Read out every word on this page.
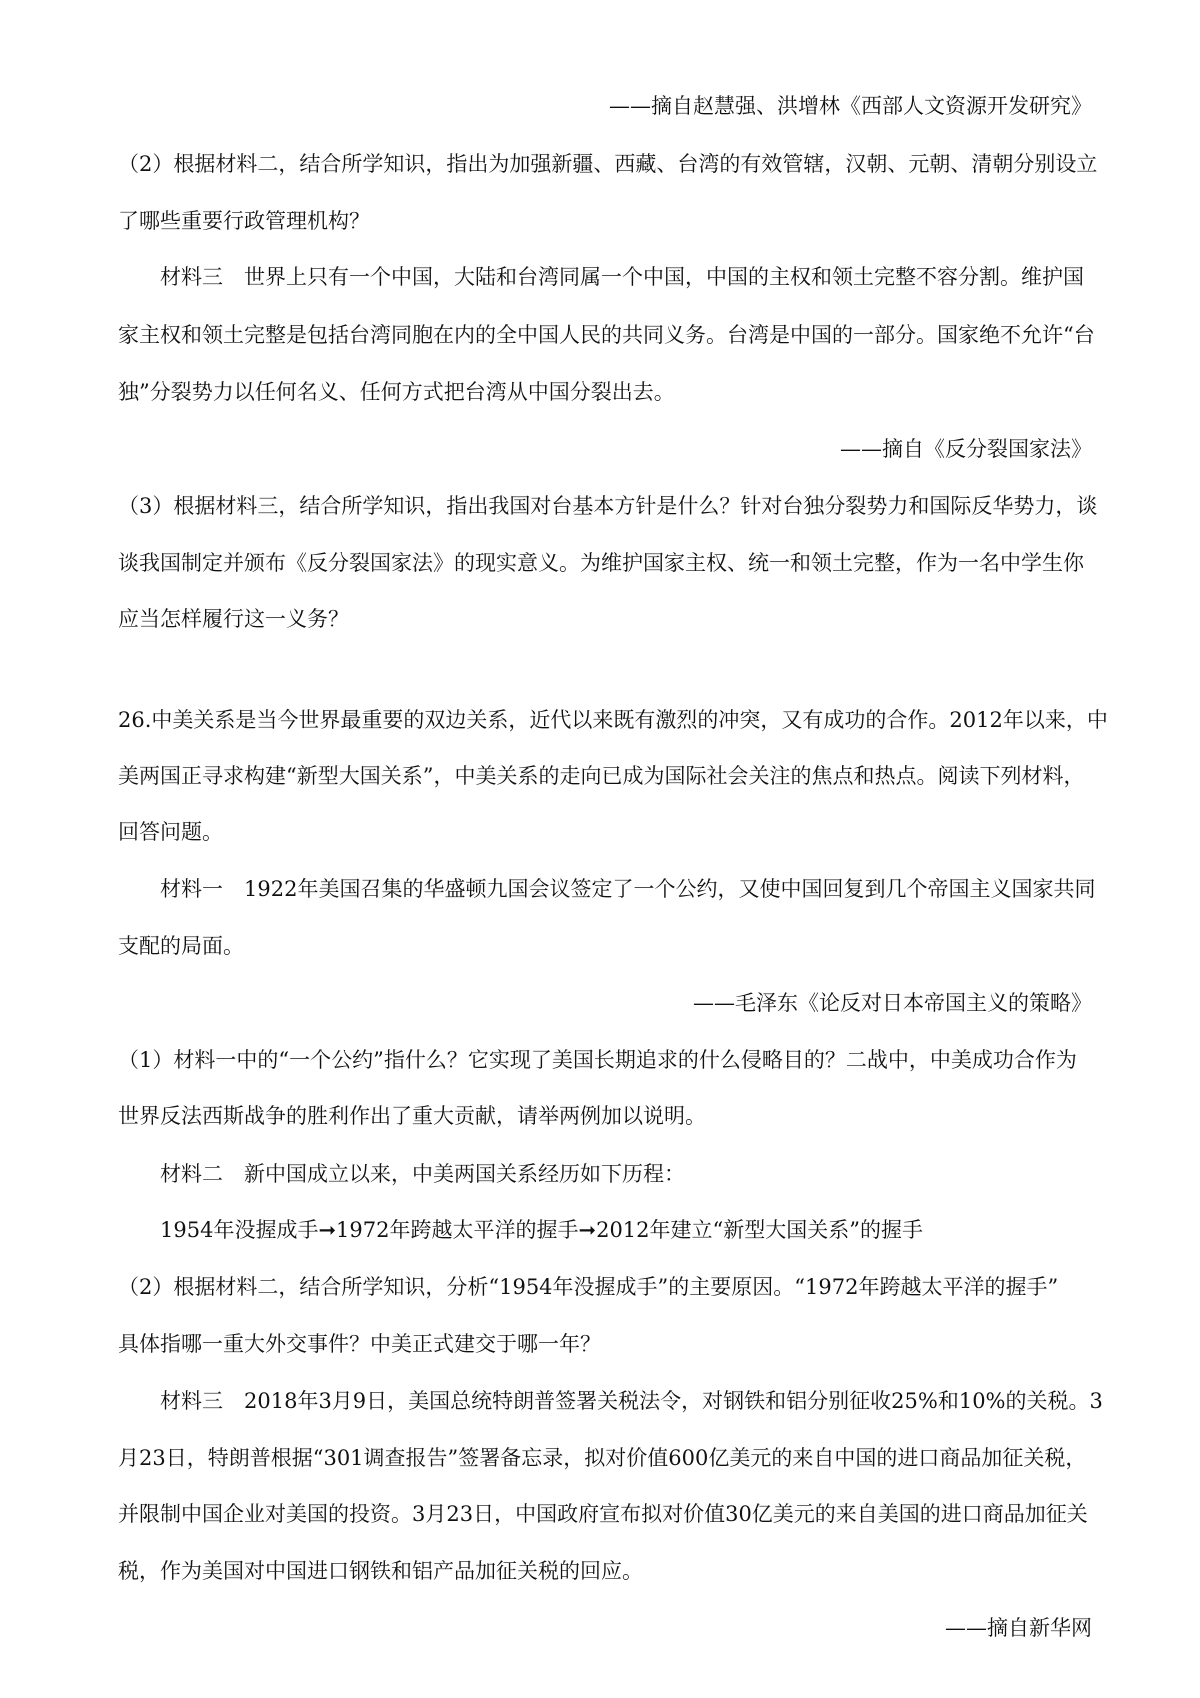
——摘自赵慧强、洪增林《西部人文资源开发研究》
（2）根据材料二，结合所学知识，指出为加强新疆、西藏、台湾的有效管辖，汉朝、元朝、清朝分别设立
了哪些重要行政管理机构？
材料三　世界上只有一个中国，大陆和台湾同属一个中国，中国的主权和领土完整不容分割。维护国
家主权和领土完整是包括台湾同胞在内的全中国人民的共同义务。台湾是中国的一部分。国家绝不允许“台
独”分裂势力以任何名义、任何方式把台湾从中国分裂出去。
——摘自《反分裂国家法》
（3）根据材料三，结合所学知识，指出我国对台基本方针是什么？针对台独分裂势力和国际反华势力，谈
谈我国制定并颁布《反分裂国家法》的现实意义。为维护国家主权、统一和领土完整，作为一名中学生你
应当怎样履行这一义务？
26.中美关系是当今世界最重要的双边关系，近代以来既有激烈的冲突，又有成功的合作。2012年以来，中
美两国正寻求构建“新型大国关系”，中美关系的走向已成为国际社会关注的焦点和热点。阅读下列材料，
回答问题。
材料一　1922年美国召集的华盛顿九国会议签定了一个公约，又使中国回复到几个帝国主义国家共同
支配的局面。
——毛泽东《论反对日本帝国主义的策略》
（1）材料一中的“一个公约”指什么？它实现了美国长期追求的什么侵略目的？二战中，中美成功合作为
世界反法西斯战争的胜利作出了重大贡献，请举两例加以说明。
材料二　新中国成立以来，中美两国关系经历如下历程：
1954年没握成手➞1972年跨越太平洋的握手➞2012年建立“新型大国关系”的握手
（2）根据材料二，结合所学知识，分析“1954年没握成手”的主要原因。“1972年跨越太平洋的握手”
具体指哪一重大外交事件？中美正式建交于哪一年？
材料三　2018年3月9日，美国总统特朗普签署关税法令，对钢铁和铝分别征收25%和10%的关税。3
月23日，特朗普根据“301调查报告”签署备忘录，拟对价值600亿美元的来自中国的进口商品加征关税，
并限制中国企业对美国的投资。3月23日，中国政府宣布拟对价值30亿美元的来自美国的进口商品加征关
税，作为美国对中国进口钢铁和铝产品加征关税的回应。
——摘自新华网
